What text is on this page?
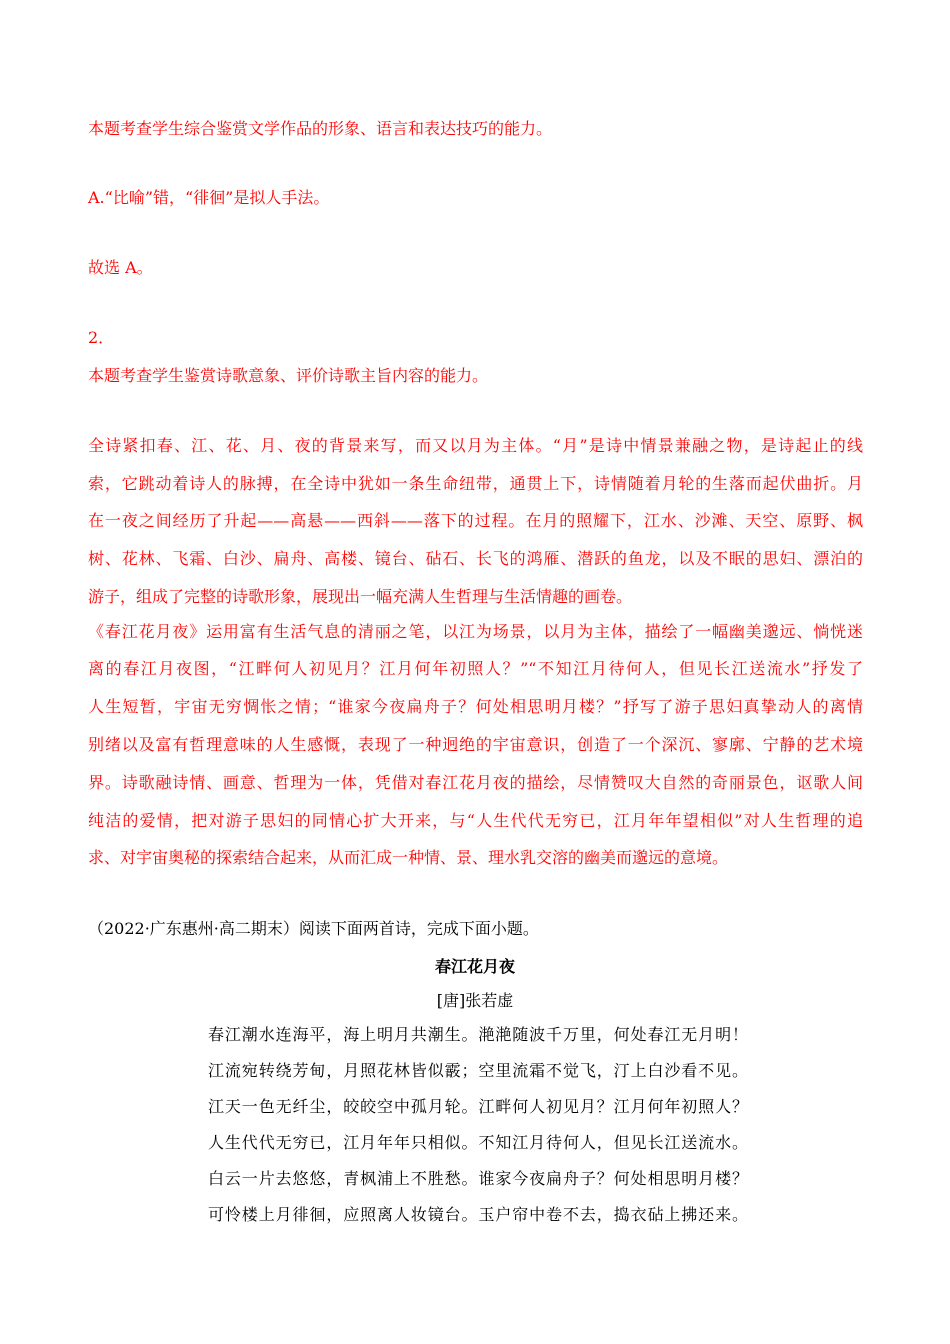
本题考查学生综合鉴赏文学作品的形象、语言和表达技巧的能力。
A.“比喻”错，“徘徊”是拟人手法。
故选 A。
2．
本题考查学生鉴赏诗歌意象、评价诗歌主旨内容的能力。
全诗紧扣春、江、花、月、夜的背景来写，而又以月为主体。“月”是诗中情景兼融之物，是诗起止的线
索，它跳动着诗人的脉搏，在全诗中犹如一条生命纽带，通贯上下，诗情随着月轮的生落而起伏曲折。月
在一夜之间经历了升起——高悬——西斜——落下的过程。在月的照耀下，江水、沙滩、天空、原野、枫
树、花林、飞霜、白沙、扁舟、高楼、镜台、砧石、长飞的鸿雁、潜跃的鱼龙，以及不眠的思妇、漂泊的
游子，组成了完整的诗歌形象，展现出一幅充满人生哲理与生活情趣的画卷。
《春江花月夜》运用富有生活气息的清丽之笔，以江为场景，以月为主体，描绘了一幅幽美邈远、惝恍迷
离的春江月夜图，“江畔何人初见月？江月何年初照人？”“不知江月待何人，但见长江送流水”抒发了
人生短暂，宇宙无穷惆怅之情；“谁家今夜扁舟子？何处相思明月楼？”抒写了游子思妇真挚动人的离情
别绪以及富有哲理意味的人生感慨，表现了一种迥绝的宇宙意识，创造了一个深沉、寥廓、宁静的艺术境
界。诗歌融诗情、画意、哲理为一体，凭借对春江花月夜的描绘，尽情赞叹大自然的奇丽景色，讴歌人间
纯洁的爱情，把对游子思妇的同情心扩大开来，与“人生代代无穷已，江月年年望相似”对人生哲理的追
求、对宇宙奥秘的探索结合起来，从而汇成一种情、景、理水乳交溶的幽美而邈远的意境。
（2022·广东惠州·高二期末）阅读下面两首诗，完成下面小题。
春江花月夜
[唐]张若虚
春江潮水连海平，海上明月共潮生。滟滟随波千万里，何处春江无月明！
江流宛转绕芳甸，月照花林皆似霰；空里流霜不觉飞，汀上白沙看不见。
江天一色无纤尘，皎皎空中孤月轮。江畔何人初见月？江月何年初照人？
人生代代无穷已，江月年年只相似。不知江月待何人，但见长江送流水。
白云一片去悠悠，青枫浦上不胜愁。谁家今夜扁舟子？何处相思明月楼？
可怜楼上月徘徊，应照离人妆镜台。玉户帘中卷不去，捣衣砧上拂还来。
